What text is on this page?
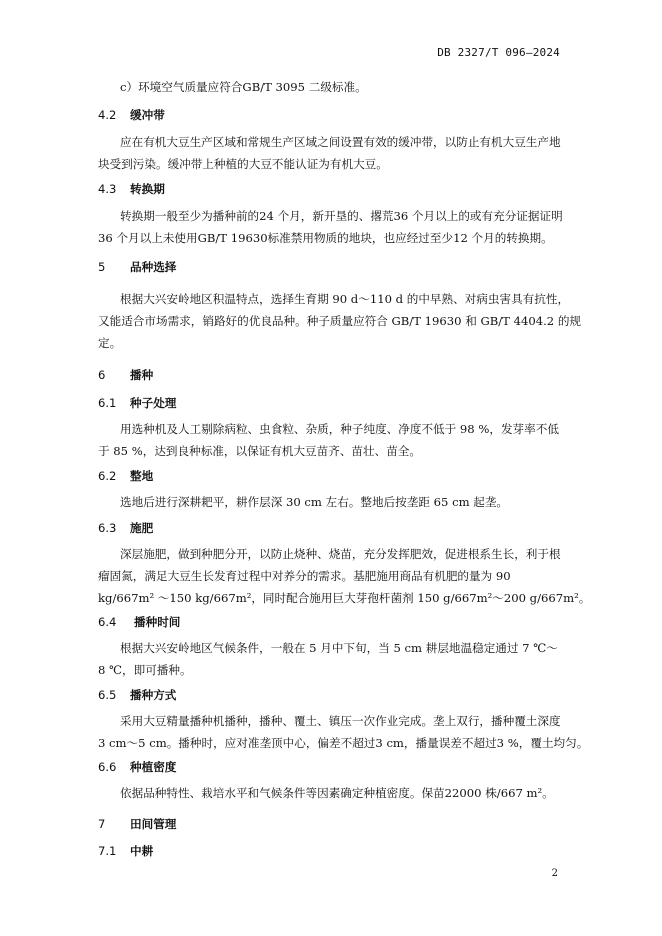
DB 2327/T 096—2024
c）环境空气质量应符合GB/T 3095 二级标准。
4.2 缓冲带
应在有机大豆生产区域和常规生产区域之间设置有效的缓冲带，以防止有机大豆生产地
块受到污染。缓冲带上种植的大豆不能认证为有机大豆。
4.3 转换期
转换期一般至少为播种前的24 个月，新开垦的、撂荒36 个月以上的或有充分证据证明
36 个月以上未使用GB/T 19630标准禁用物质的地块，也应经过至少12 个月的转换期。
5 品种选择
根据大兴安岭地区积温特点，选择生育期 90 d～110 d 的中早熟、对病虫害具有抗性，
又能适合市场需求，销路好的优良品种。种子质量应符合 GB/T 19630 和 GB/T 4404.2 的规
定。
6 播种
6.1 种子处理
用选种机及人工剔除病粒、虫食粒、杂质，种子纯度、净度不低于 98 %，发芽率不低
于 85 %，达到良种标准，以保证有机大豆苗齐、苗壮、苗全。
6.2 整地
选地后进行深耕耙平，耕作层深 30 cm 左右。整地后按垄距 65 cm 起垄。
6.3 施肥
深层施肥，做到种肥分开，以防止烧种、烧苗，充分发挥肥效，促进根系生长，利于根
瘤固氮，满足大豆生长发育过程中对养分的需求。基肥施用商品有机肥的量为 90
kg/667m² ～150 kg/667m²，同时配合施用巨大芽孢杆菌剂 150 g/667m²～200 g/667m²。
6.4 播种时间
根据大兴安岭地区气候条件，一般在 5 月中下旬，当 5 cm 耕层地温稳定通过 7 ℃～
8 ℃，即可播种。
6.5 播种方式
采用大豆精量播种机播种，播种、覆土、镇压一次作业完成。垄上双行，播种覆土深度
3 cm～5 cm。播种时，应对准垄顶中心，偏差不超过3 cm，播量误差不超过3 %，覆土均匀。
6.6 种植密度
依据品种特性、栽培水平和气候条件等因素确定种植密度。保苗22000 株/667 m²。
7 田间管理
7.1 中耕
2
